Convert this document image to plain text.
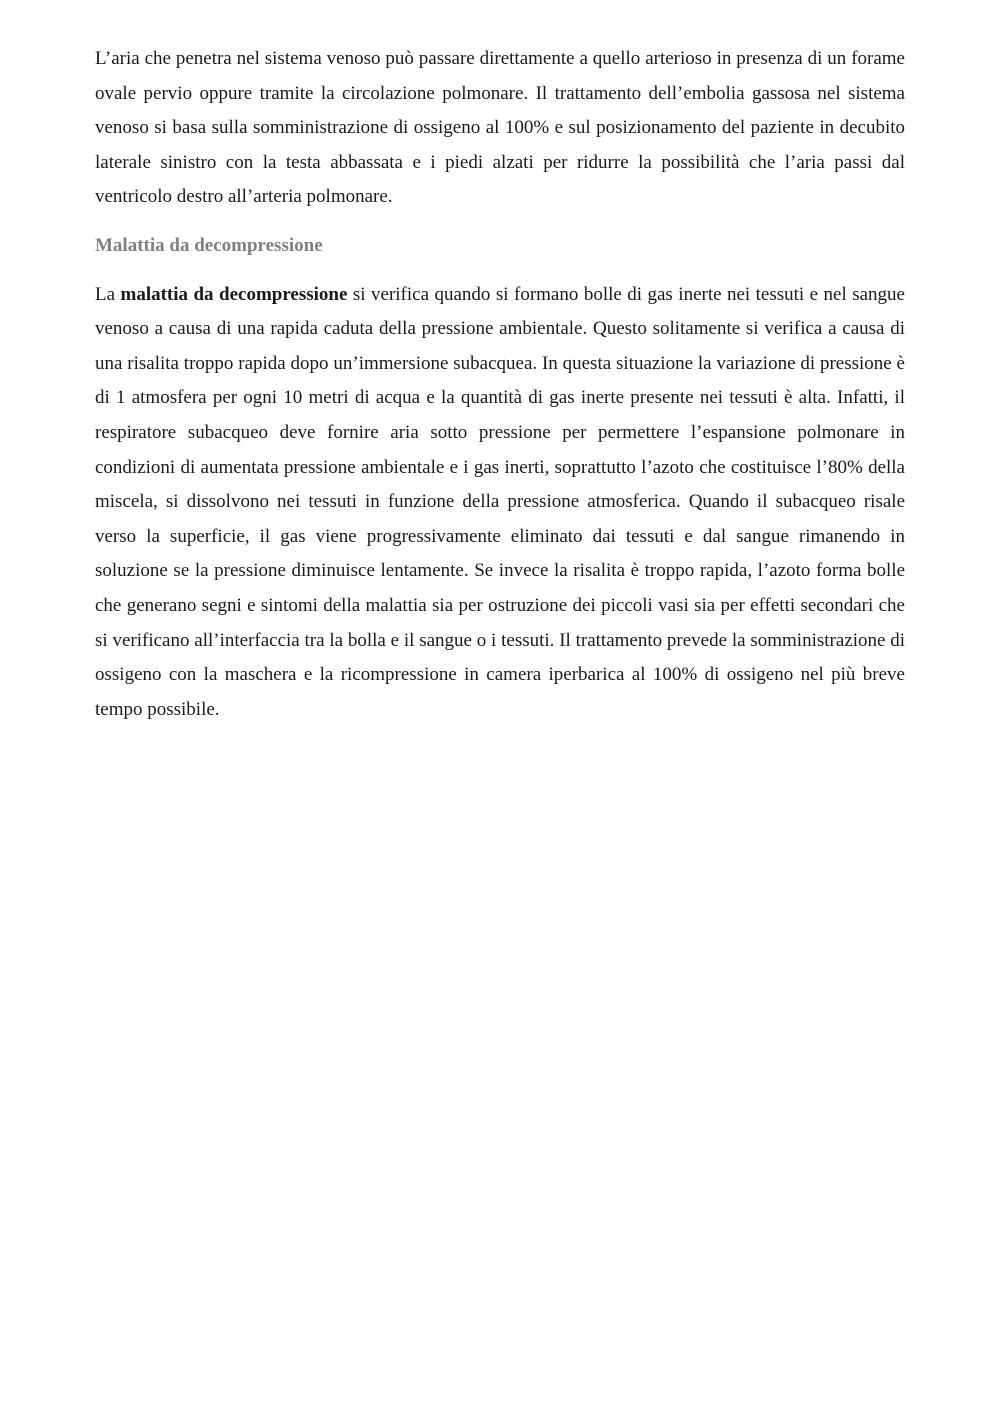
L’aria che penetra nel sistema venoso può passare direttamente a quello arterioso in presenza di un forame ovale pervio oppure tramite la circolazione polmonare. Il trattamento dell’embolia gassosa nel sistema venoso si basa sulla somministrazione di ossigeno al 100% e sul posizionamento del paziente in decubito laterale sinistro con la testa abbassata e i piedi alzati per ridurre la possibilità che l’aria passi dal ventricolo destro all’arteria polmonare.

Malattia da decompressione

La malattia da decompressione si verifica quando si formano bolle di gas inerte nei tessuti e nel sangue venoso a causa di una rapida caduta della pressione ambientale. Questo solitamente si verifica a causa di una risalita troppo rapida dopo un’immersione subacquea. In questa situazione la variazione di pressione è di 1 atmosfera per ogni 10 metri di acqua e la quantità di gas inerte presente nei tessuti è alta. Infatti, il respiratore subacqueo deve fornire aria sotto pressione per permettere l’espansione polmonare in condizioni di aumentata pressione ambientale e i gas inerti, soprattutto l’azoto che costituisce l’80% della miscela, si dissolvono nei tessuti in funzione della pressione atmosferica. Quando il subacqueo risale verso la superficie, il gas viene progressivamente eliminato dai tessuti e dal sangue rimanendo in soluzione se la pressione diminuisce lentamente. Se invece la risalita è troppo rapida, l’azoto forma bolle che generano segni e sintomi della malattia sia per ostruzione dei piccoli vasi sia per effetti secondari che si verificano all’interfaccia tra la bolla e il sangue o i tessuti. Il trattamento prevede la somministrazione di ossigeno con la maschera e la ricompressione in camera iperbarica al 100% di ossigeno nel più breve tempo possibile.
